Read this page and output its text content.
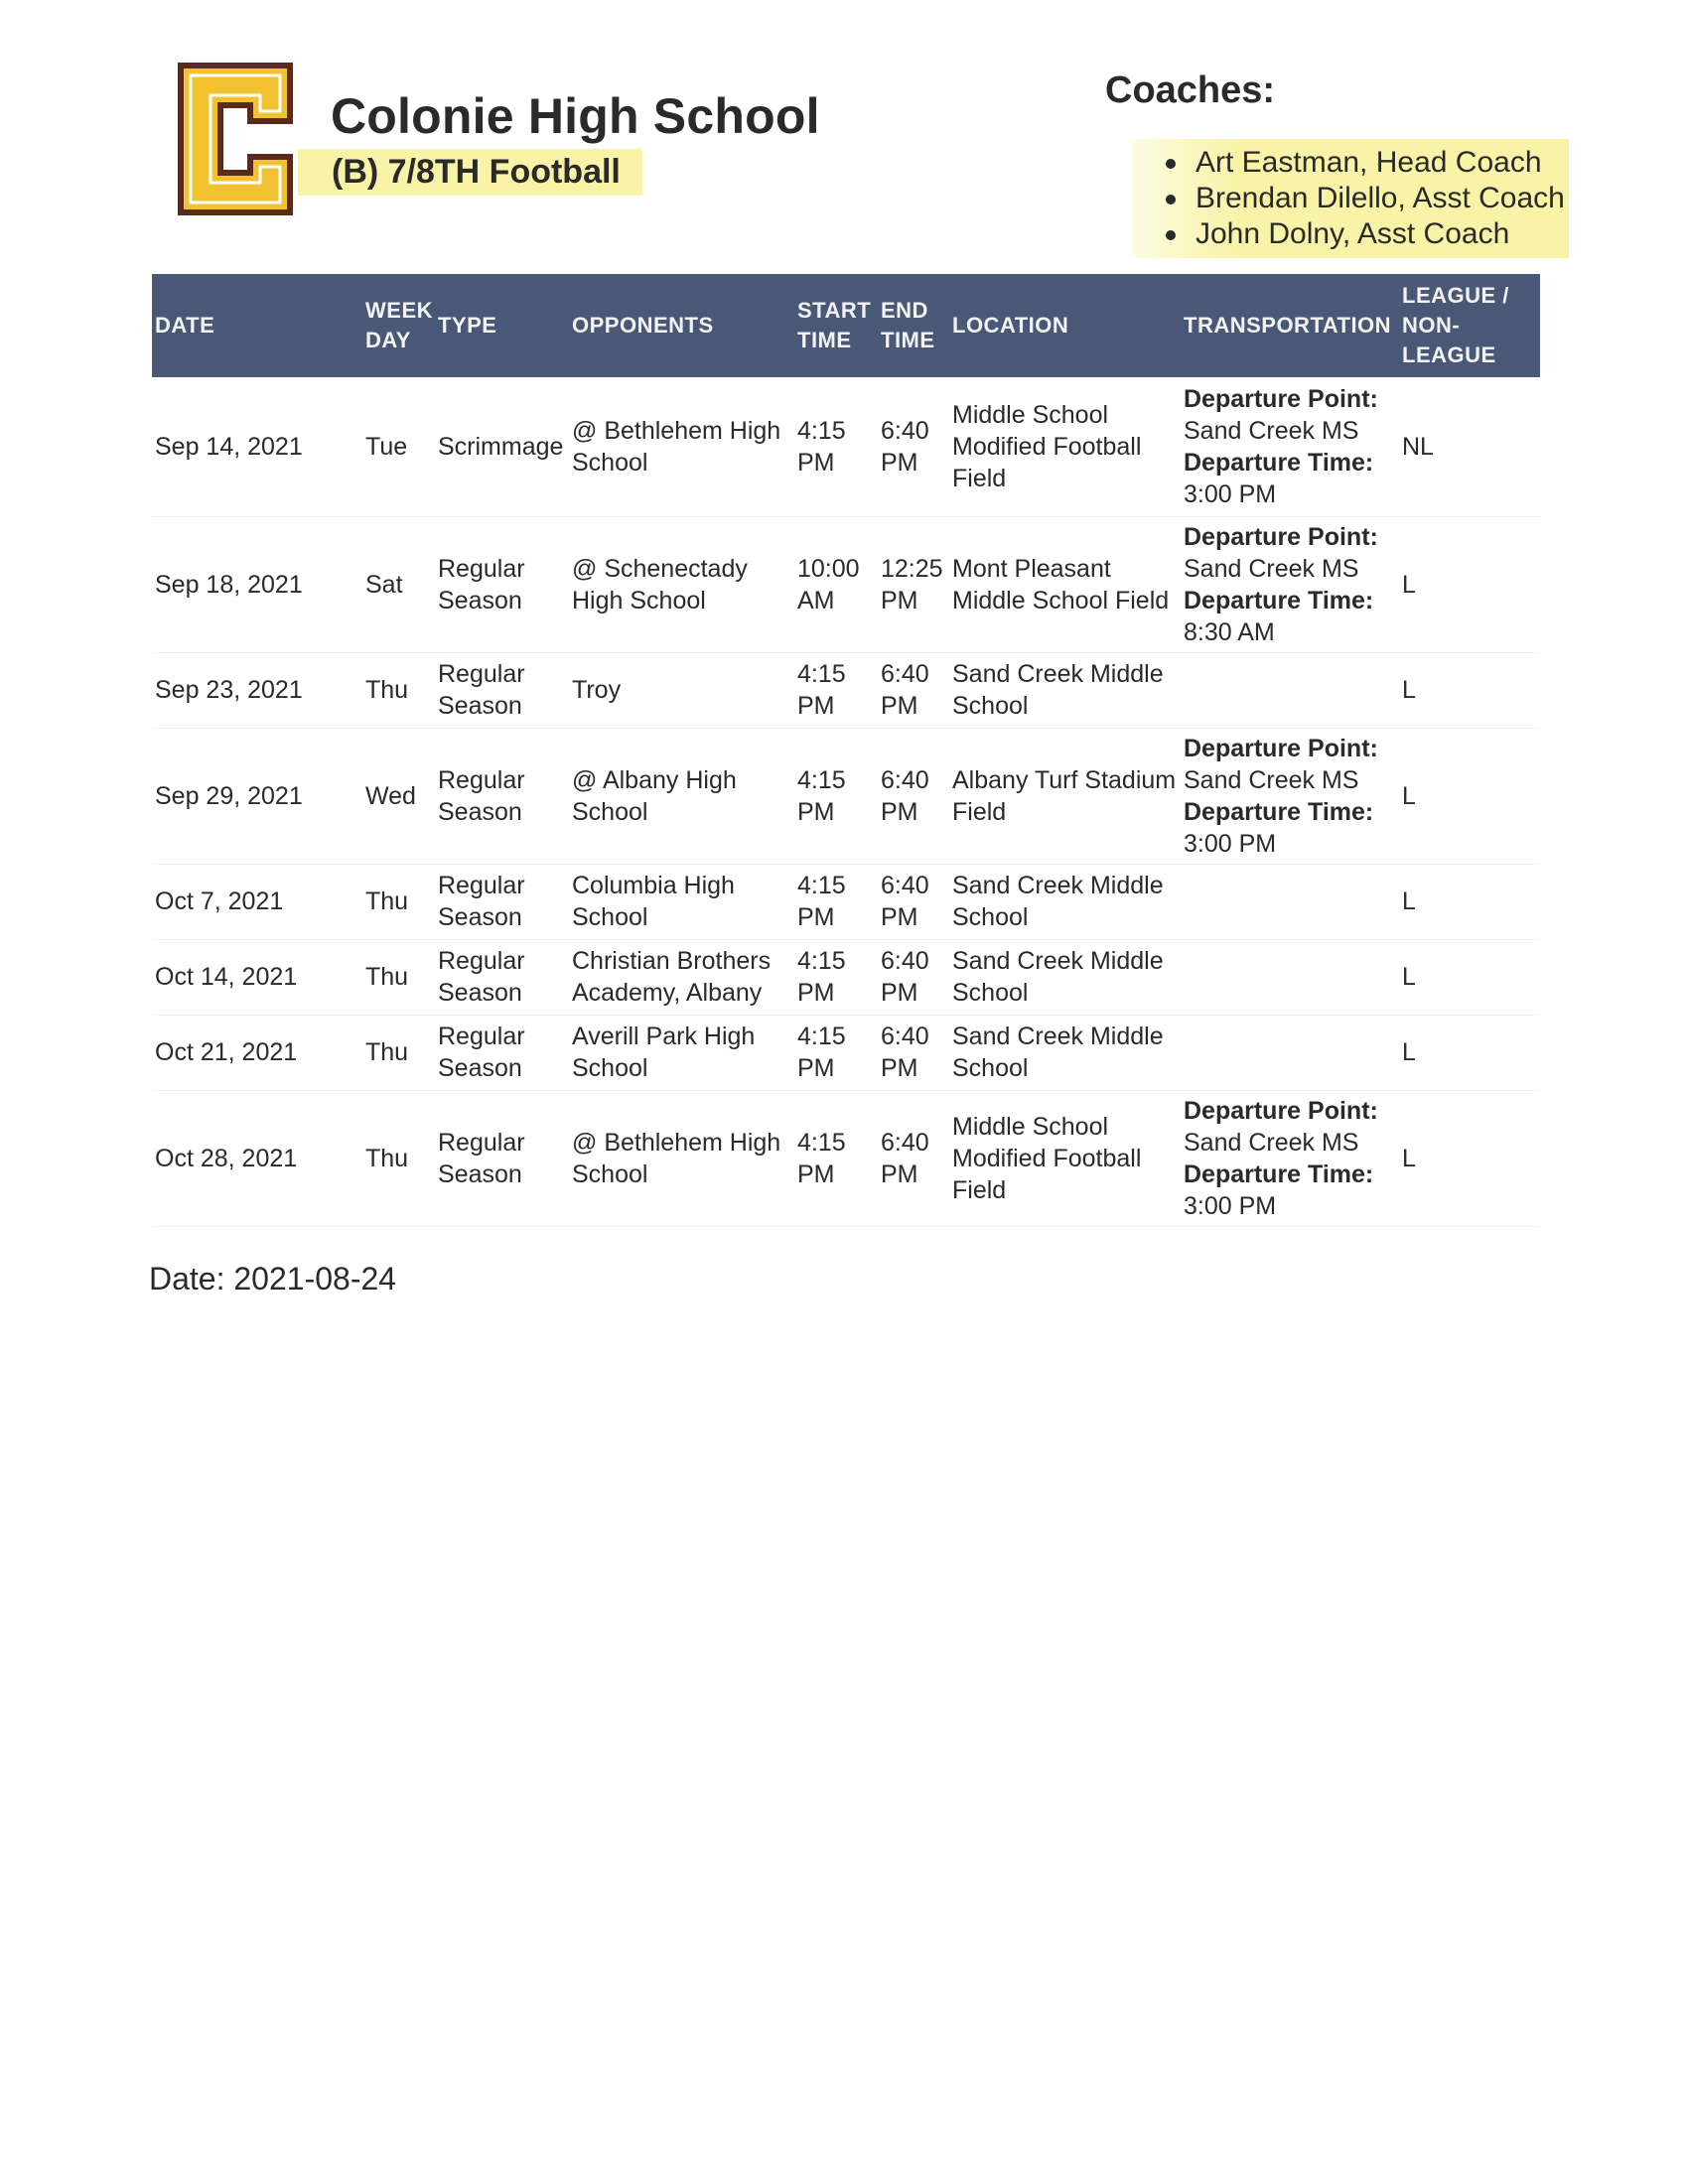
Colonie High School
(B) 7/8TH Football
Coaches:
Art Eastman, Head Coach
Brendan Dilello, Asst Coach
John Dolny, Asst Coach
DATE	WEEK DAY	TYPE	OPPONENTS	START TIME	END TIME	LOCATION	TRANSPORTATION	LEAGUE / NON-LEAGUE
Sep 14, 2021	Tue	Scrimmage	@ Bethlehem High School	4:15 PM	6:40 PM	Middle School Modified Football Field	Departure Point:
Sand Creek MS
Departure Time:
3:00 PM	NL
Sep 18, 2021	Sat	Regular Season	@ Schenectady High School	10:00 AM	12:25 PM	Mont Pleasant Middle School Field	Departure Point:
Sand Creek MS
Departure Time:
8:30 AM	L
Sep 23, 2021	Thu	Regular Season	Troy	4:15 PM	6:40 PM	Sand Creek Middle School		L
Sep 29, 2021	Wed	Regular Season	@ Albany High School	4:15 PM	6:40 PM	Albany Turf Stadium Field	Departure Point:
Sand Creek MS
Departure Time:
3:00 PM	L
Oct 7, 2021	Thu	Regular Season	Columbia High School	4:15 PM	6:40 PM	Sand Creek Middle School		L
Oct 14, 2021	Thu	Regular Season	Christian Brothers Academy, Albany	4:15 PM	6:40 PM	Sand Creek Middle School		L
Oct 21, 2021	Thu	Regular Season	Averill Park High School	4:15 PM	6:40 PM	Sand Creek Middle School		L
Oct 28, 2021	Thu	Regular Season	@ Bethlehem High School	4:15 PM	6:40 PM	Middle School Modified Football Field	Departure Point:
Sand Creek MS
Departure Time:
3:00 PM	L
Date: 2021-08-24
